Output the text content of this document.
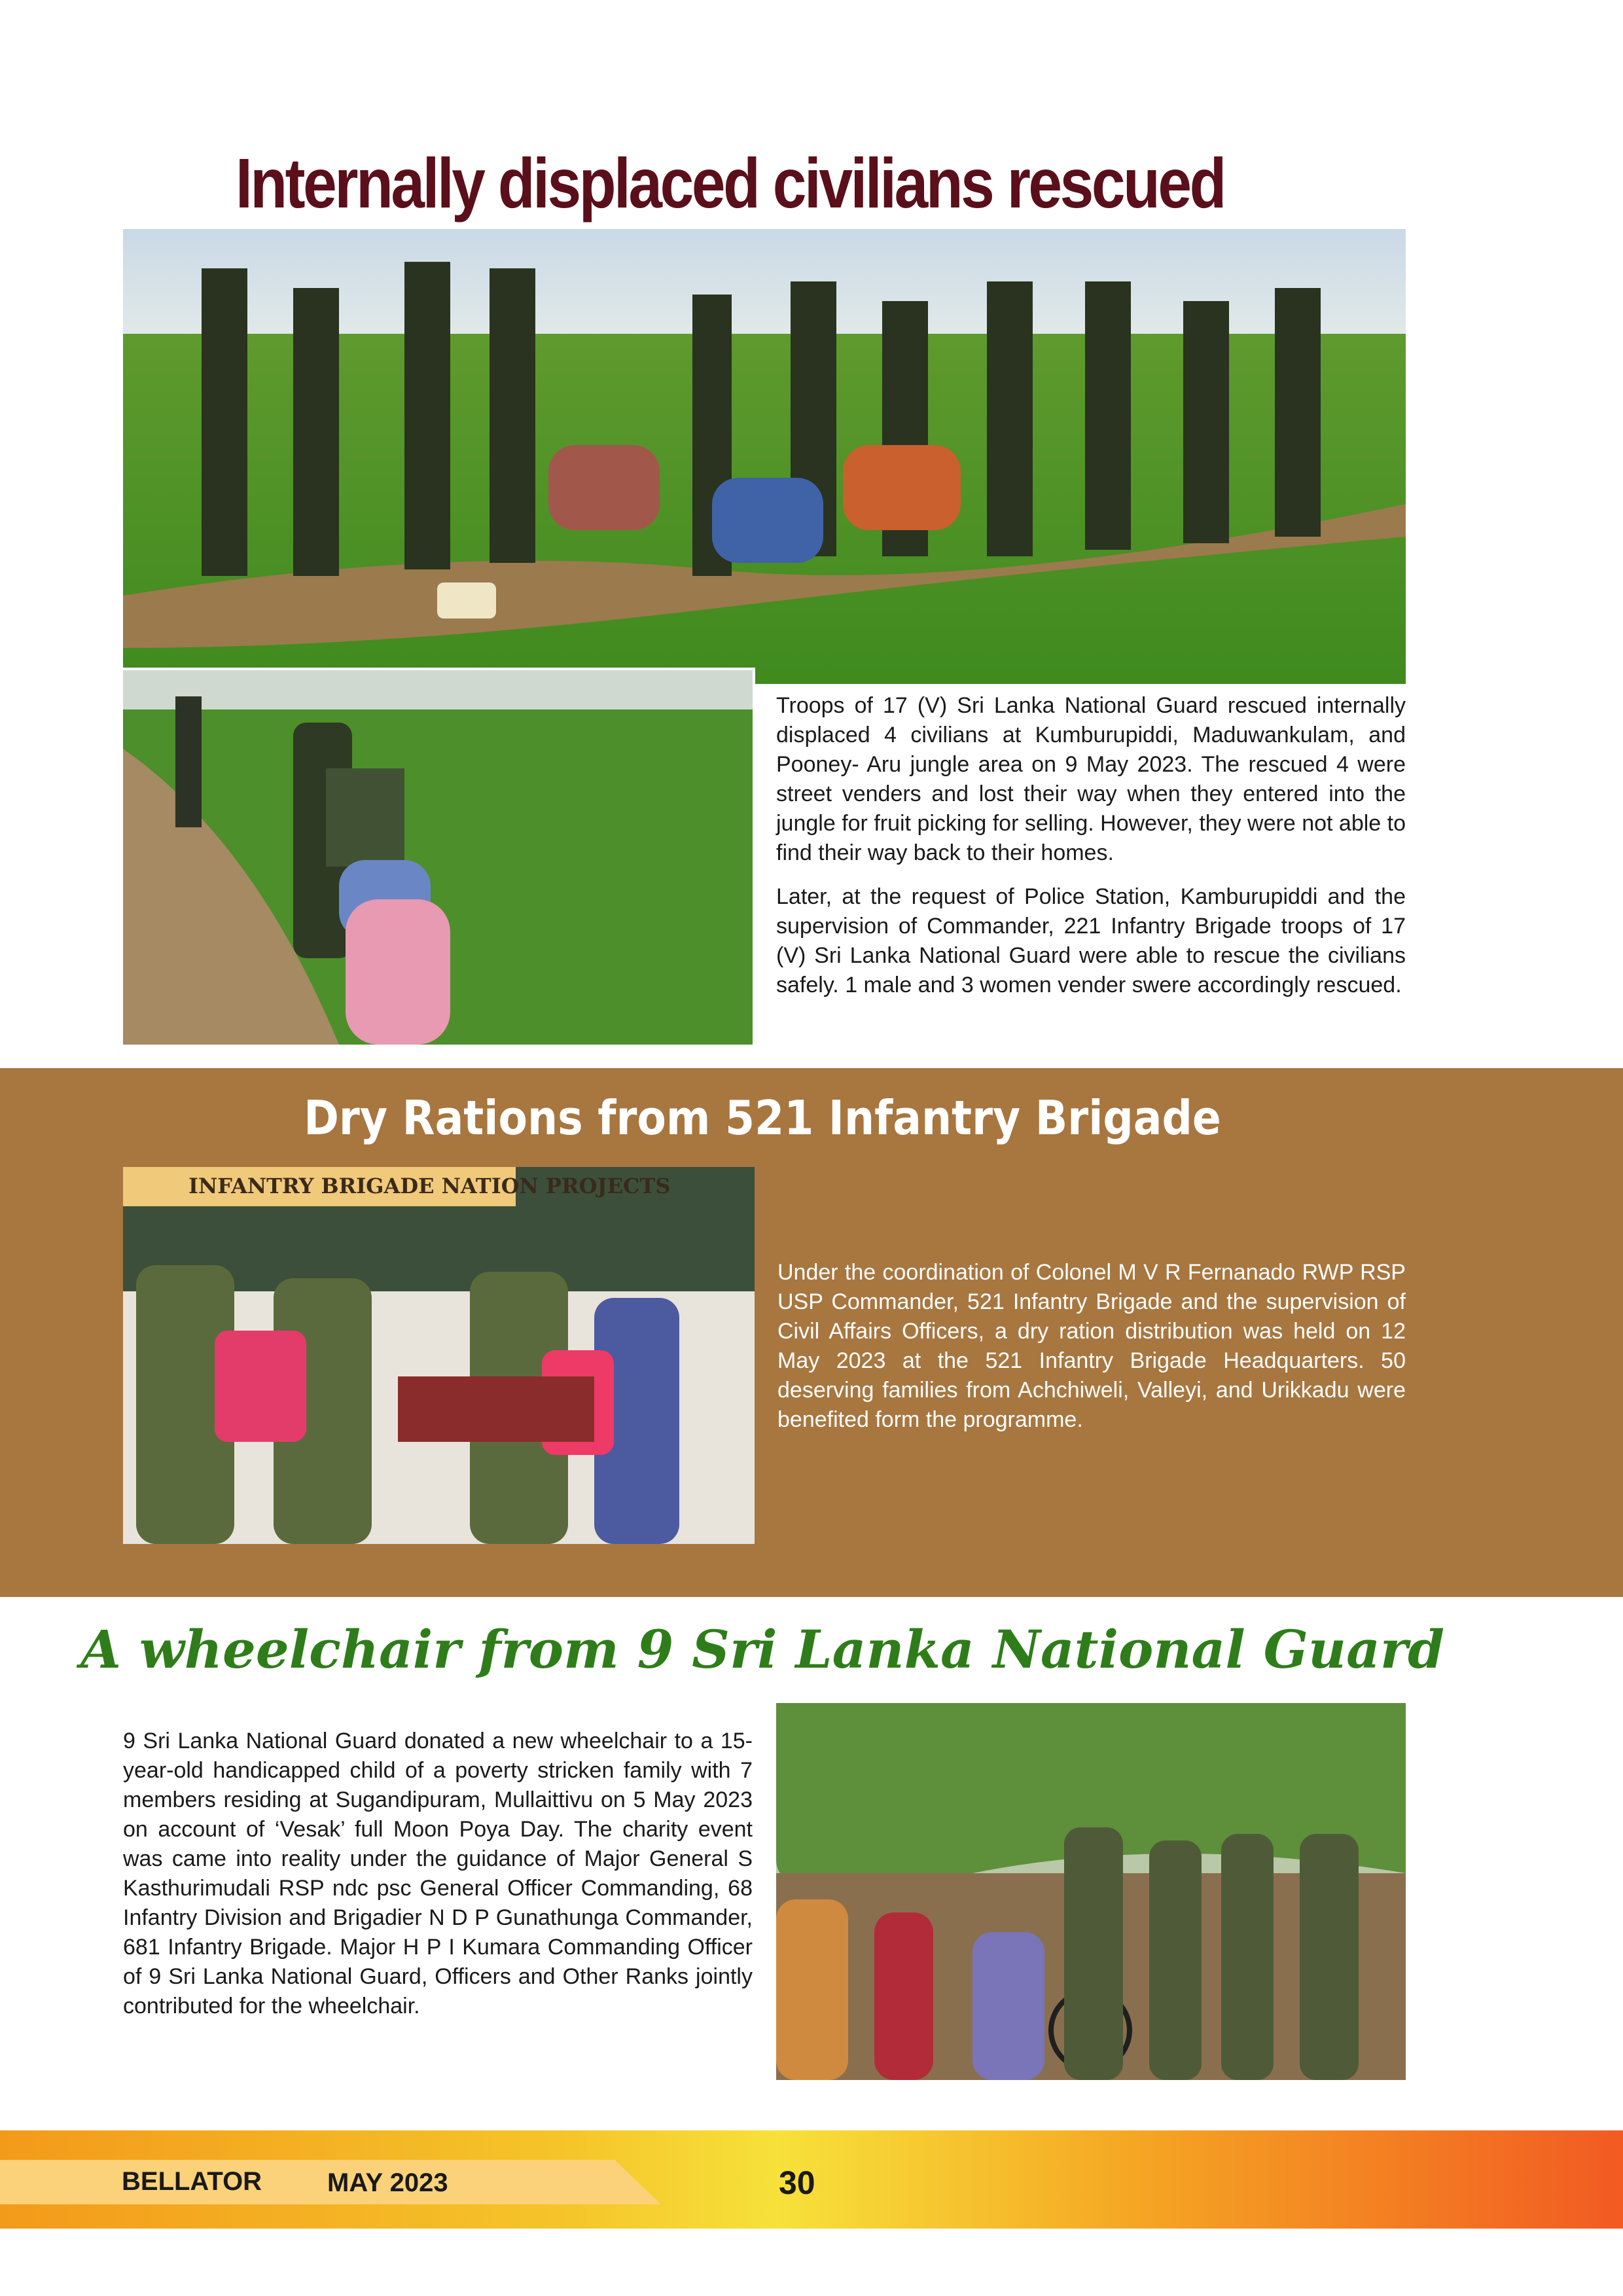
Internally displaced civilians rescued

Troops of 17 (V) Sri Lanka National Guard rescued internally displaced 4 civilians at Kumburupiddi, Maduwankulam, and Pooney- Aru jungle area on 9 May 2023. The rescued 4 were street venders and lost their way when they entered into the jungle for fruit picking for selling. However, they were not able to find their way back to their homes.

Later, at the request of Police Station, Kamburupiddi and the supervision of Commander, 221 Infantry Brigade troops of 17 (V) Sri Lanka National Guard were able to rescue the civilians safely. 1 male and 3 women vender swere accordingly rescued.

Dry Rations from 521 Infantry Brigade
INFANTRY BRIGADE NATION PROJECTS

Under the coordination of Colonel M V R Fernanado RWP RSP USP Commander, 521 Infantry Brigade and the supervision of Civil Affairs Officers, a dry ration distribution was held on 12 May 2023 at the 521 Infantry Brigade Headquarters. 50 deserving families from Achchiweli, Valleyi, and Urikkadu were benefited form the programme.

A wheelchair from 9 Sri Lanka National Guard

9 Sri Lanka National Guard donated a new wheelchair to a 15-year-old handicapped child of a poverty stricken family with 7 members residing at Sugandipuram, Mullaittivu on 5 May 2023 on account of ‘Vesak’ full Moon Poya Day. The charity event was came into reality under the guidance of Major General S Kasthurimudali RSP ndc psc General Officer Commanding, 68 Infantry Division and Brigadier N D P Gunathunga Commander, 681 Infantry Brigade. Major H P I Kumara Commanding Officer of 9 Sri Lanka National Guard, Officers and Other Ranks jointly contributed for the wheelchair.

BELLATOR MAY 2023	30
